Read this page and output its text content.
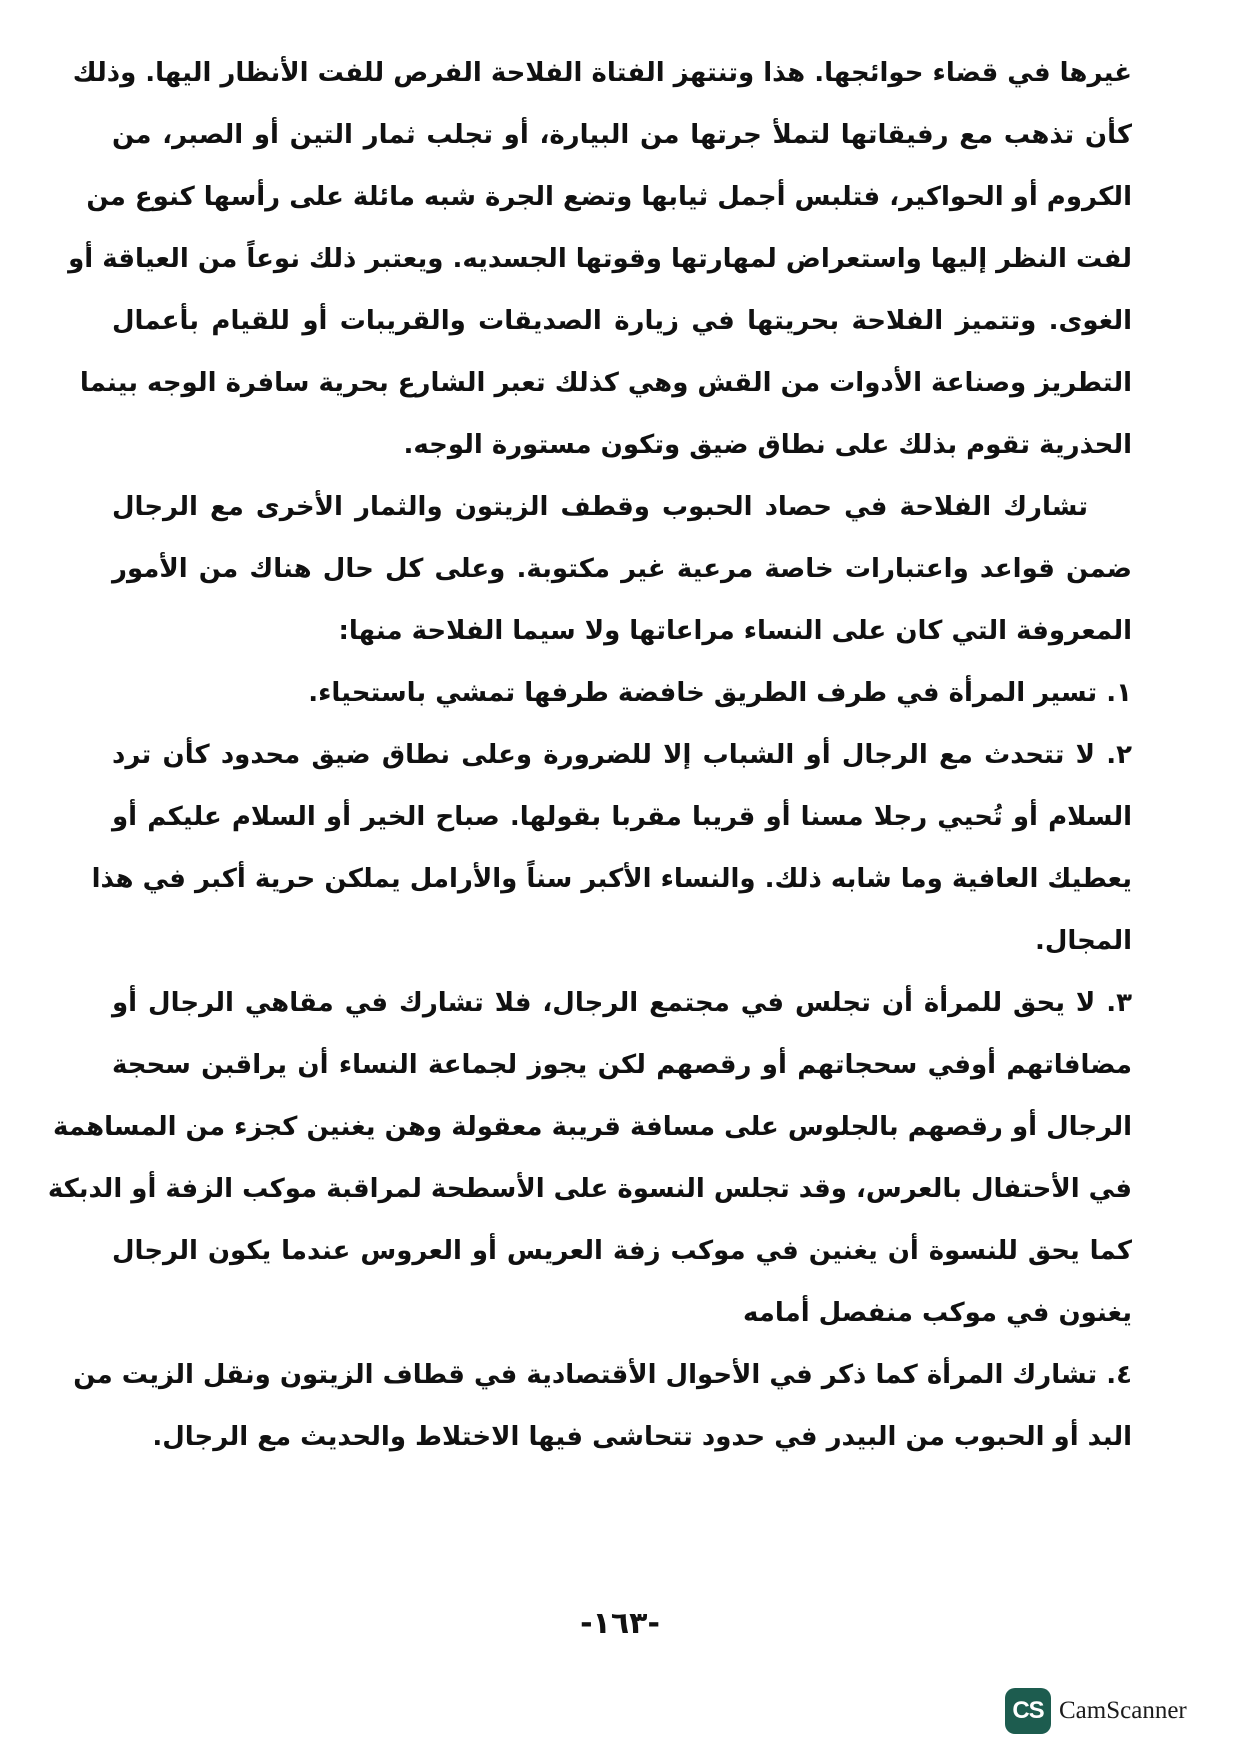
غيرها في قضاء حوائجها. هذا وتنتهز الفتاة الفلاحة الفرص للفت الأنظار اليها. وذلك
كأن تذهب مع رفيقاتها لتملأ جرتها من البيارة، أو تجلب ثمار التين أو الصبر، من
الكروم أو الحواكير، فتلبس أجمل ثيابها وتضع الجرة شبه مائلة على رأسها كنوع من
لفت النظر إليها واستعراض لمهارتها وقوتها الجسديه. ويعتبر ذلك نوعاً من العياقة أو
الغوى. وتتميز الفلاحة بحريتها في زيارة الصديقات والقريبات أو للقيام بأعمال
التطريز وصناعة الأدوات من القش وهي كذلك تعبر الشارع بحرية سافرة الوجه بينما
الحذرية تقوم بذلك على نطاق ضيق وتكون مستورة الوجه.
تشارك الفلاحة في حصاد الحبوب وقطف الزيتون والثمار الأخرى مع الرجال
ضمن قواعد واعتبارات خاصة مرعية غير مكتوبة. وعلى كل حال هناك من الأمور
المعروفة التي كان على النساء مراعاتها ولا سيما الفلاحة منها:
١. تسير المرأة في طرف الطريق خافضة طرفها تمشي باستحياء.
٢. لا تتحدث مع الرجال أو الشباب إلا للضرورة وعلى نطاق ضيق محدود كأن ترد
السلام أو تُحيي رجلا مسنا أو قريبا مقربا بقولها. صباح الخير أو السلام عليكم أو
يعطيك العافية وما شابه ذلك. والنساء الأكبر سناً والأرامل يملكن حرية أكبر في هذا
المجال.
٣. لا يحق للمرأة أن تجلس في مجتمع الرجال، فلا تشارك في مقاهي الرجال أو
مضافاتهم أوفي سحجاتهم أو رقصهم لكن يجوز لجماعة النساء أن يراقبن سحجة
الرجال أو رقصهم بالجلوس على مسافة قريبة معقولة وهن يغنين كجزء من المساهمة
في الأحتفال بالعرس، وقد تجلس النسوة على الأسطحة لمراقبة موكب الزفة أو الدبكة
كما يحق للنسوة أن يغنين في موكب زفة العريس أو العروس عندما يكون الرجال
يغنون في موكب منفصل أمامه
٤. تشارك المرأة كما ذكر في الأحوال الأقتصادية في قطاف الزيتون ونقل الزيت من
البد أو الحبوب من البيدر في حدود تتحاشى فيها الاختلاط والحديث مع الرجال.
-١٦٣-
CS CamScanner
